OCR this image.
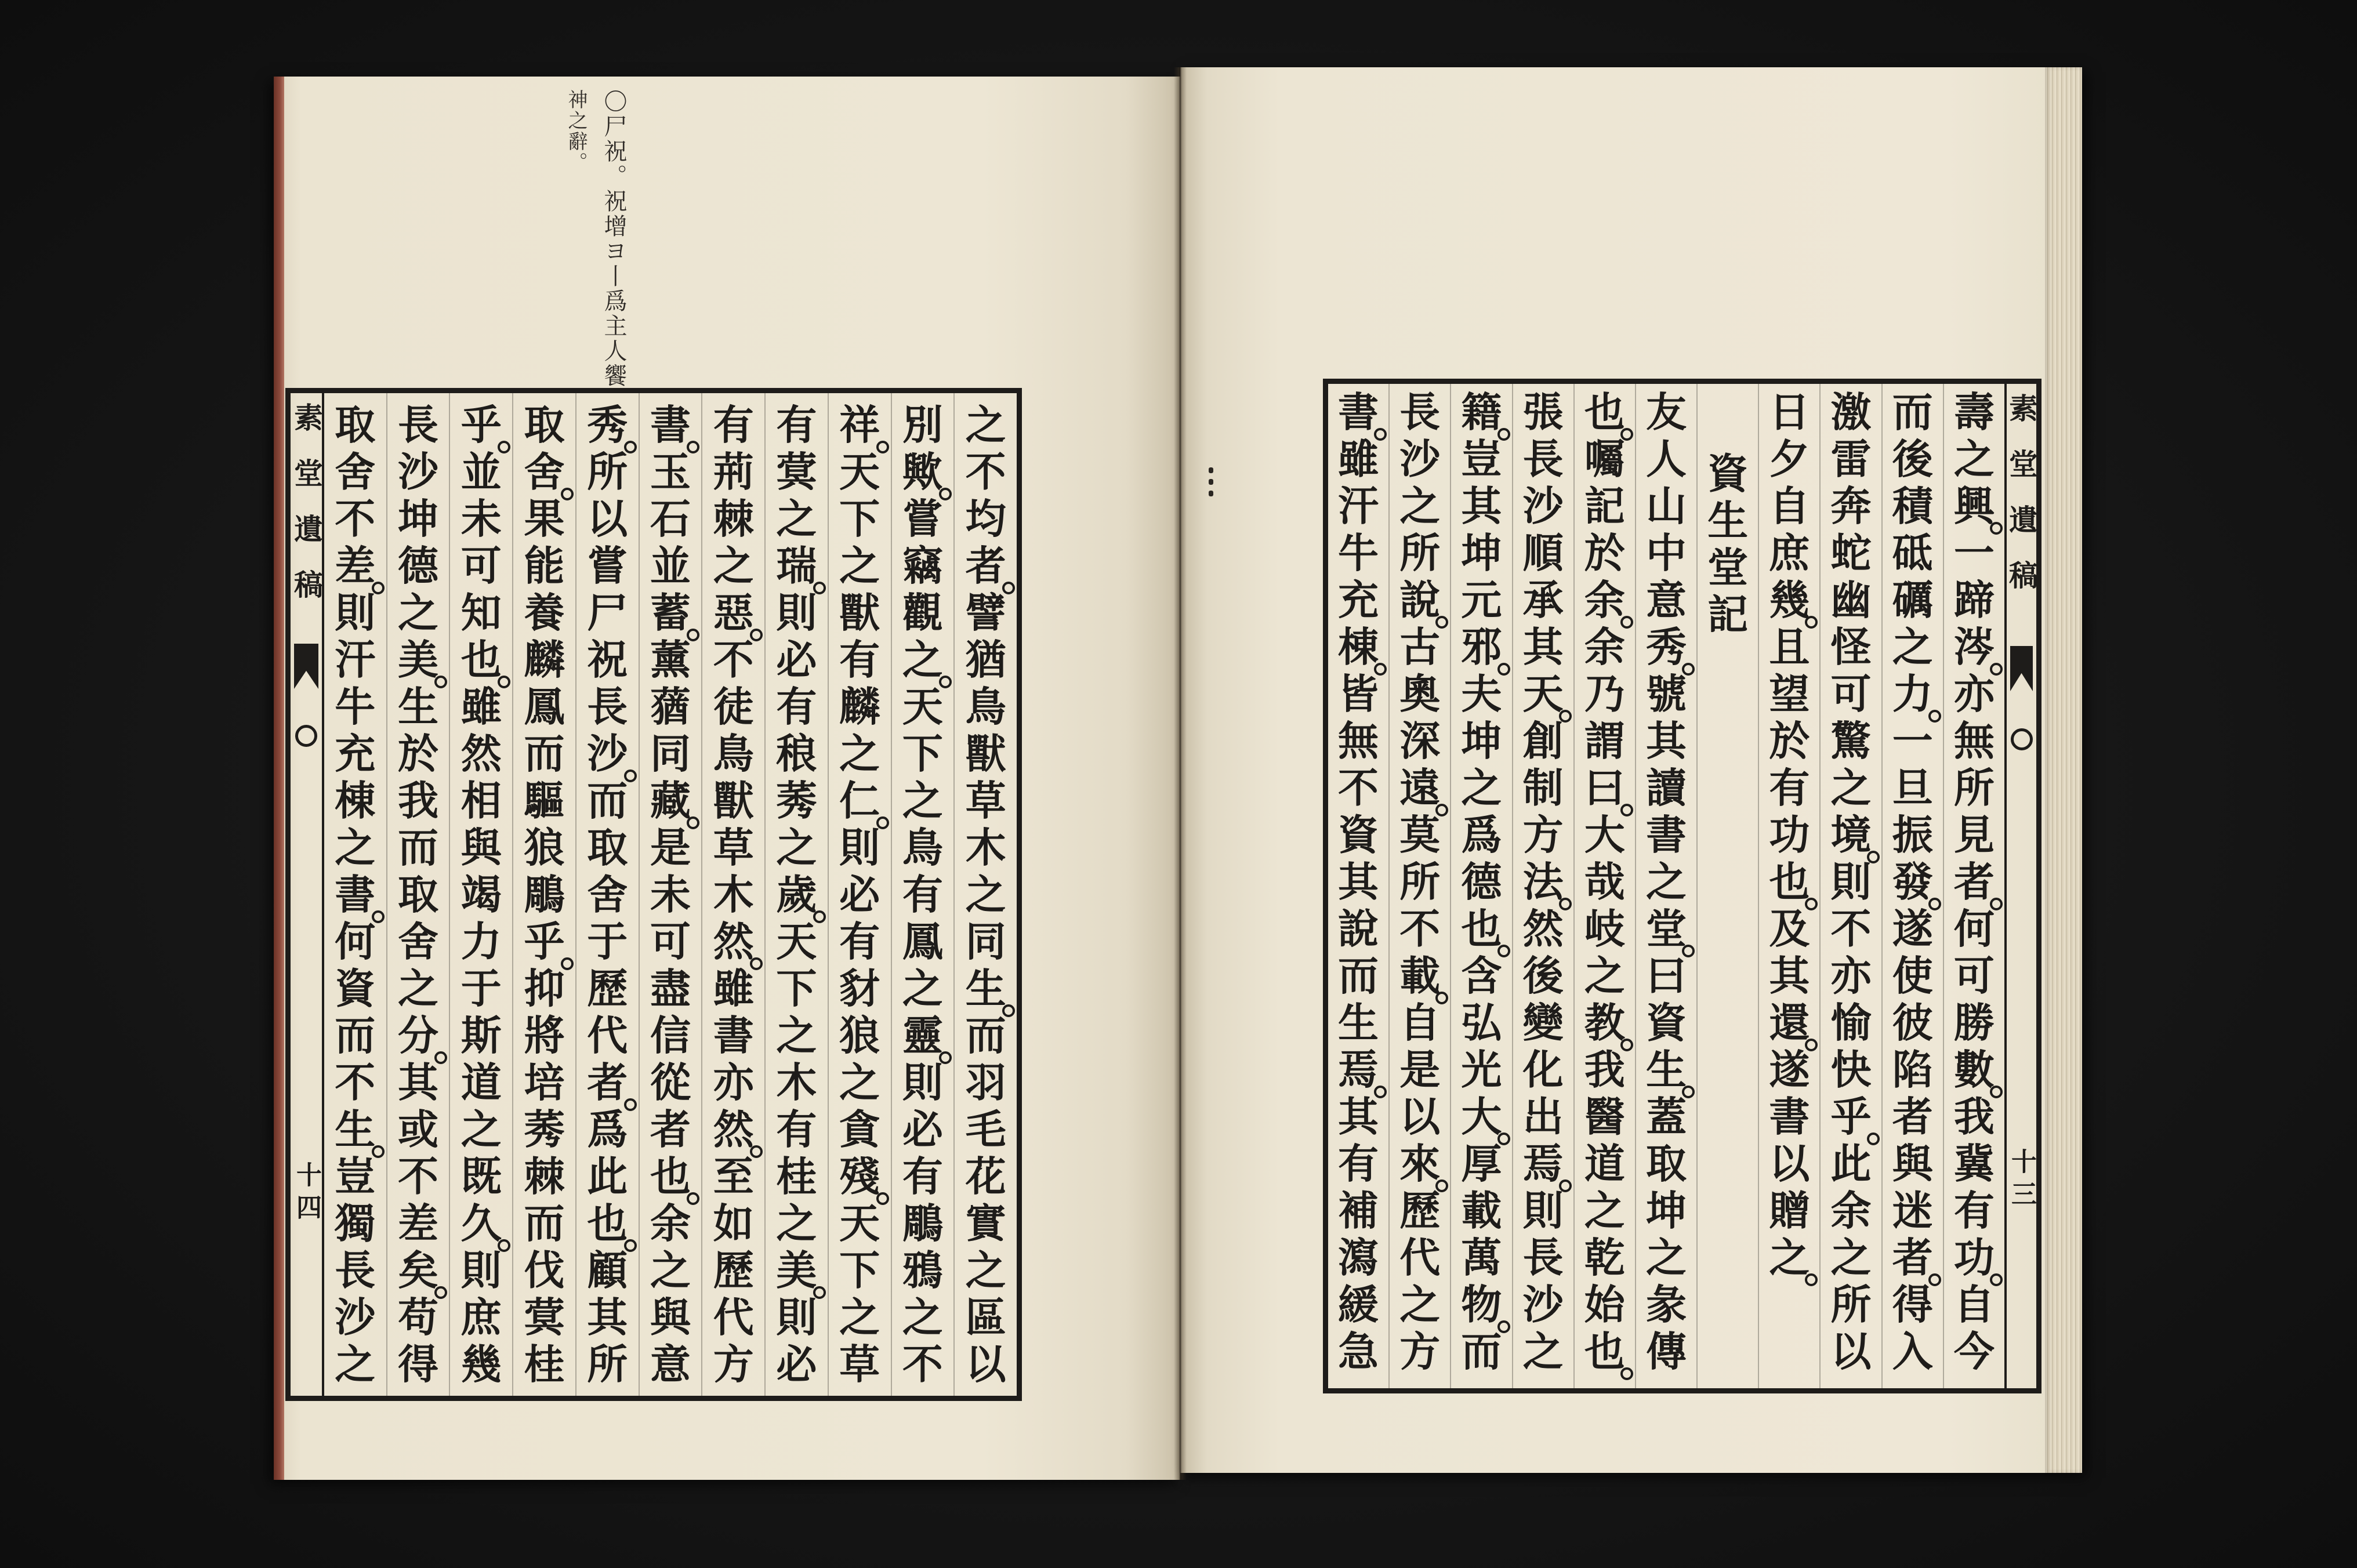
〇尸祝。祝增ヨ丨爲主人饗
神之辭。
素堂遺稿
十四
之
不
均
者
譬
猶
鳥
獸
草
木
之
同
生
而
羽
毛
花
實
之
區
以
別
歟
嘗
竊
觀
之
天
下
之
鳥
有
鳳
之
靈
則
必
有
鵰
鴉
之
不
祥
天
下
之
獸
有
麟
之
仁
則
必
有
豺
狼
之
貪
殘
天
下
之
草
有
蓂
之
瑞
則
必
有
稂
莠
之
歲
天
下
之
木
有
桂
之
美
則
必
有
荊
棘
之
惡
不
徒
鳥
獸
草
木
然
雖
書
亦
然
至
如
歷
代
方
書
玉
石
並
蓄
薰
蕕
同
藏
是
未
可
盡
信
從
者
也
余
之
與
意
秀
所
以
嘗
尸
祝
長
沙
而
取
舍
于
歷
代
者
爲
此
也
顧
其
所
取
舍
果
能
養
麟
鳳
而
驅
狼
鵰
乎
抑
將
培
莠
棘
而
伐
蓂
桂
乎
並
未
可
知
也
雖
然
相
與
竭
力
于
斯
道
之
既
久
則
庶
幾
長
沙
坤
德
之
美
生
於
我
而
取
舍
之
分
其
或
不
差
矣
苟
得
取
舍
不
差
則
汗
牛
充
棟
之
書
何
資
而
不
生
豈
獨
長
沙
之
壽
之
興
一
蹄
涔
亦
無
所
見
者
何
可
勝
數
我
冀
有
功
自
今
而
後
積
砥
礪
之
力
一
旦
振
發
遂
使
彼
陷
者
與
迷
者
得
入
激
雷
奔
蛇
幽
怪
可
驚
之
境
則
不
亦
愉
快
乎
此
余
之
所
以
日
夕
自
庶
幾
且
望
於
有
功
也
及
其
還
遂
書
以
贈
之
資
生
堂
記
友
人
山
中
意
秀
號
其
讀
書
之
堂
曰
資
生
蓋
取
坤
之
彖
傳
也
囑
記
於
余
余
乃
謂
曰
大
哉
岐
之
教
我
醫
道
之
乾
始
也
張
長
沙
順
承
其
天
創
制
方
法
然
後
變
化
出
焉
則
長
沙
之
籍
豈
其
坤
元
邪
夫
坤
之
爲
德
也
含
弘
光
大
厚
載
萬
物
而
長
沙
之
所
說
古
奧
深
遠
莫
所
不
載
自
是
以
來
歷
代
之
方
書
雖
汗
牛
充
棟
皆
無
不
資
其
說
而
生
焉
其
有
補
瀉
緩
急
素堂遺稿
十三
